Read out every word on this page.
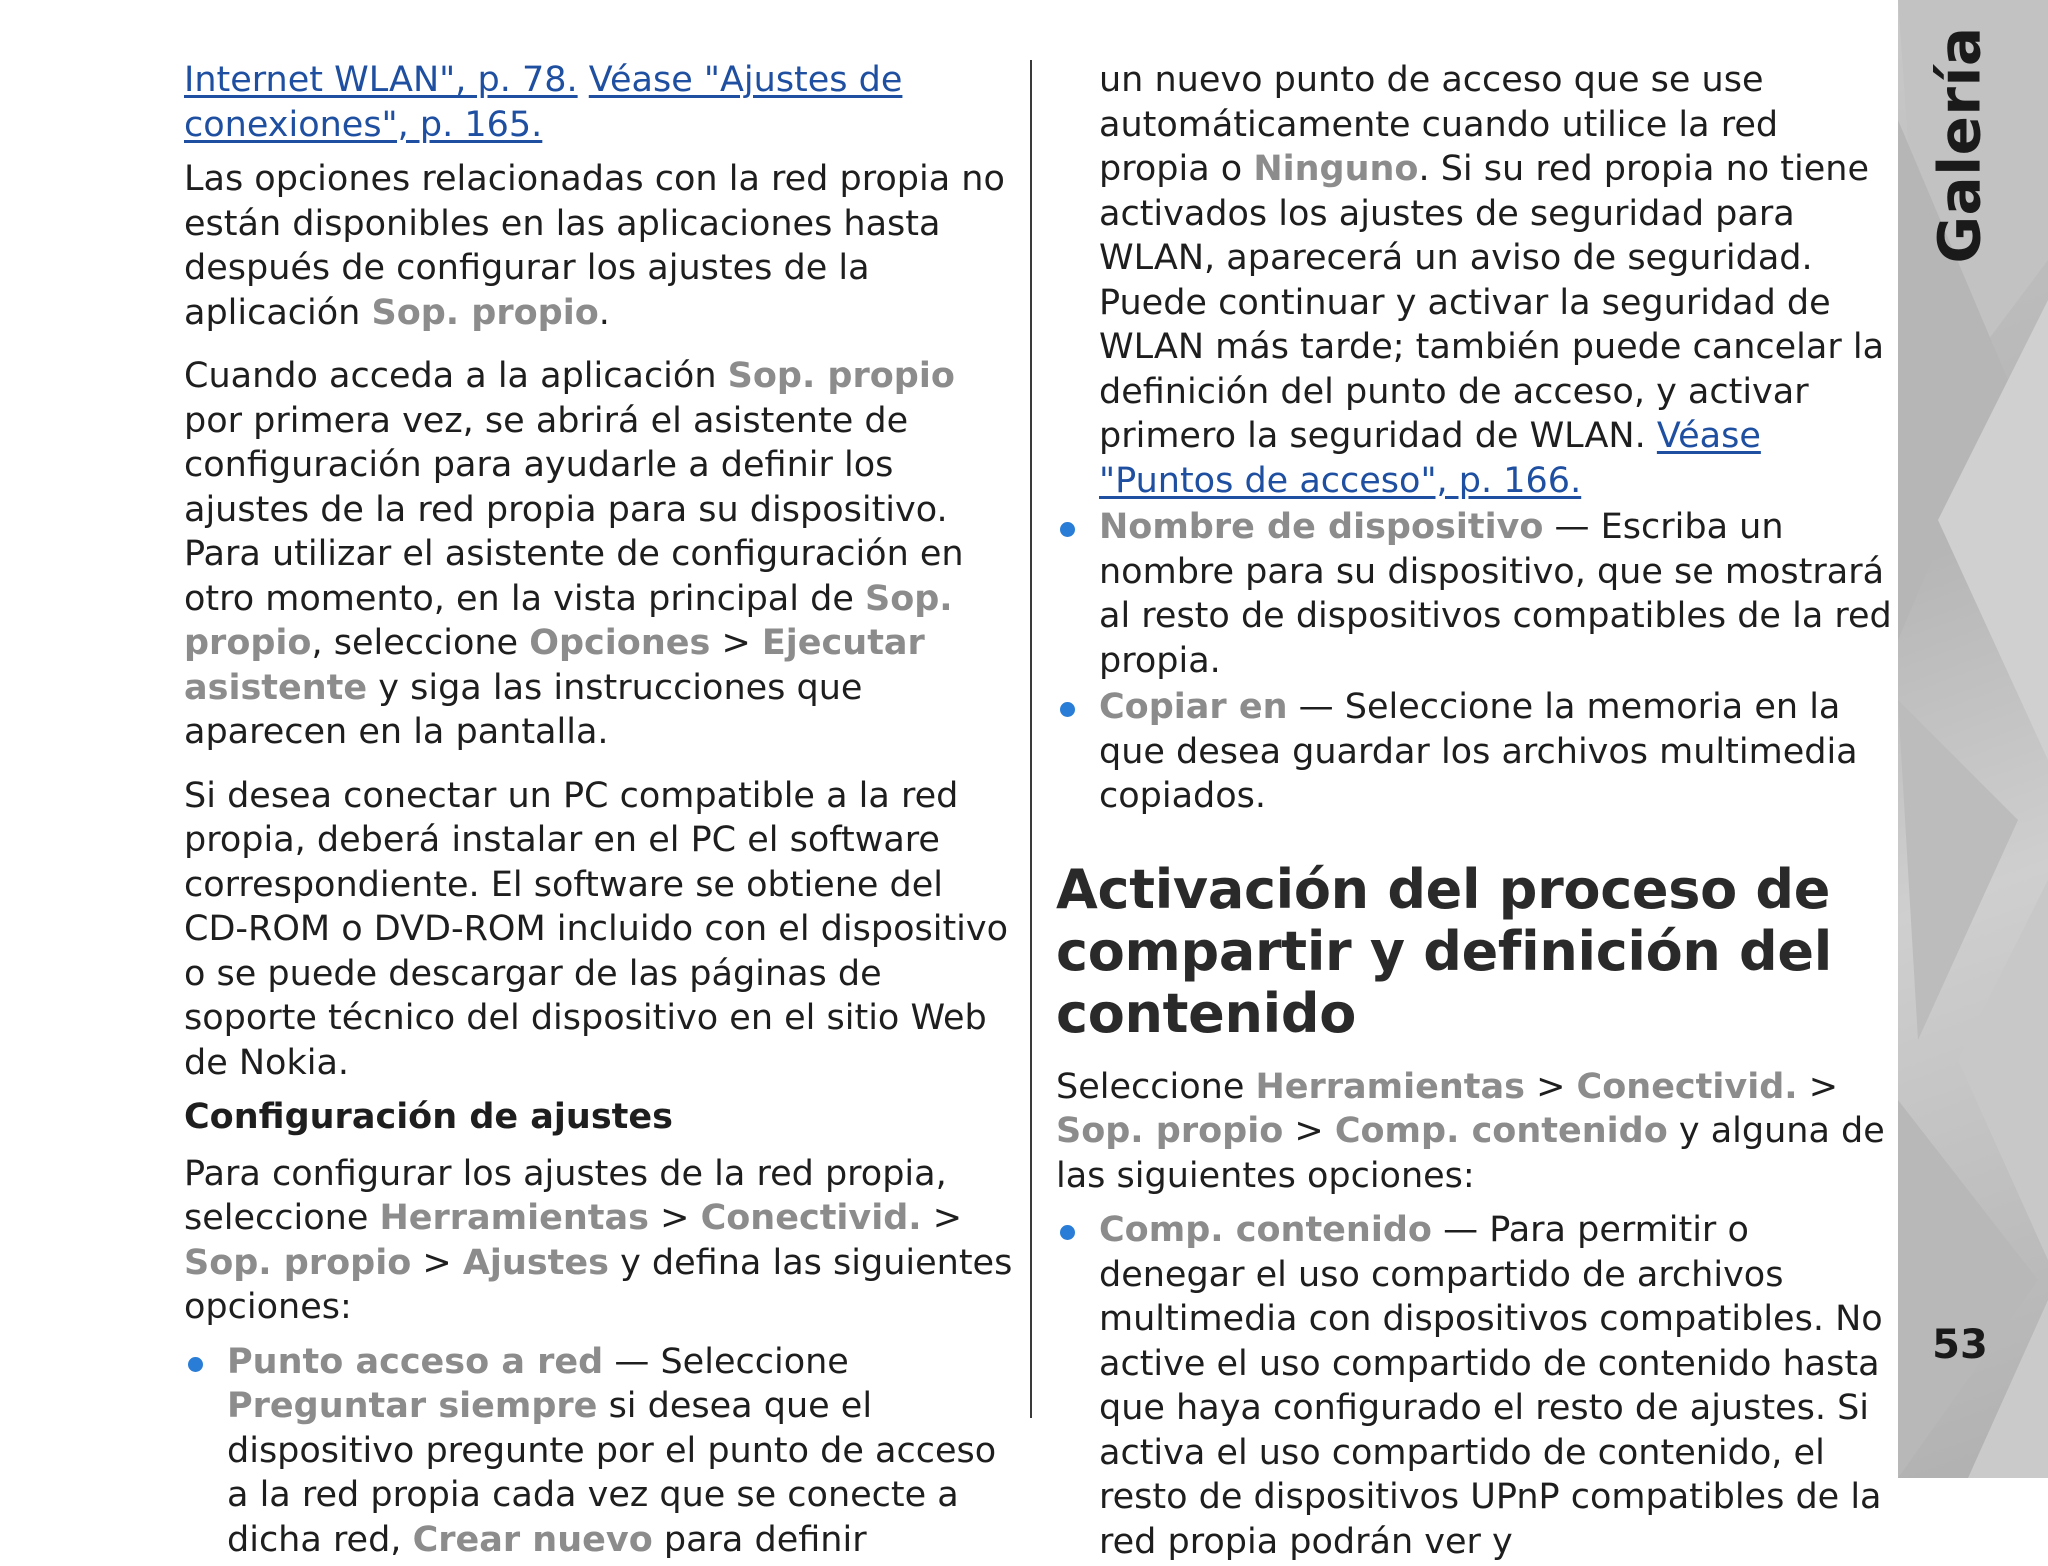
Internet WLAN", p. 78. Véase "Ajustes de conexiones", p. 165.

Las opciones relacionadas con la red propia no están disponibles en las aplicaciones hasta después de configurar los ajustes de la aplicación Sop. propio.

Cuando acceda a la aplicación Sop. propio por primera vez, se abrirá el asistente de configuración para ayudarle a definir los ajustes de la red propia para su dispositivo. Para utilizar el asistente de configuración en otro momento, en la vista principal de Sop. propio, seleccione Opciones > Ejecutar asistente y siga las instrucciones que aparecen en la pantalla.

Si desea conectar un PC compatible a la red propia, deberá instalar en el PC el software correspondiente. El software se obtiene del CD-ROM o DVD-ROM incluido con el dispositivo o se puede descargar de las páginas de soporte técnico del dispositivo en el sitio Web de Nokia.

Configuración de ajustes

Para configurar los ajustes de la red propia, seleccione Herramientas > Conectivid. > Sop. propio > Ajustes y defina las siguientes opciones:

Punto acceso a red — Seleccione Preguntar siempre si desea que el dispositivo pregunte por el punto de acceso a la red propia cada vez que se conecte a dicha red, Crear nuevo para definir
un nuevo punto de acceso que se use automáticamente cuando utilice la red propia o Ninguno. Si su red propia no tiene activados los ajustes de seguridad para WLAN, aparecerá un aviso de seguridad. Puede continuar y activar la seguridad de WLAN más tarde; también puede cancelar la definición del punto de acceso, y activar primero la seguridad de WLAN. Véase "Puntos de acceso", p. 166.
Nombre de dispositivo — Escriba un nombre para su dispositivo, que se mostrará al resto de dispositivos compatibles de la red propia.
Copiar en — Seleccione la memoria en la que desea guardar los archivos multimedia copiados.
Activación del proceso de compartir y definición del contenido

Seleccione Herramientas > Conectivid. > Sop. propio > Comp. contenido y alguna de las siguientes opciones:

Comp. contenido — Para permitir o denegar el uso compartido de archivos multimedia con dispositivos compatibles. No active el uso compartido de contenido hasta que haya configurado el resto de ajustes. Si activa el uso compartido de contenido, el resto de dispositivos UPnP compatibles de la red propia podrán ver y
Galería
53
